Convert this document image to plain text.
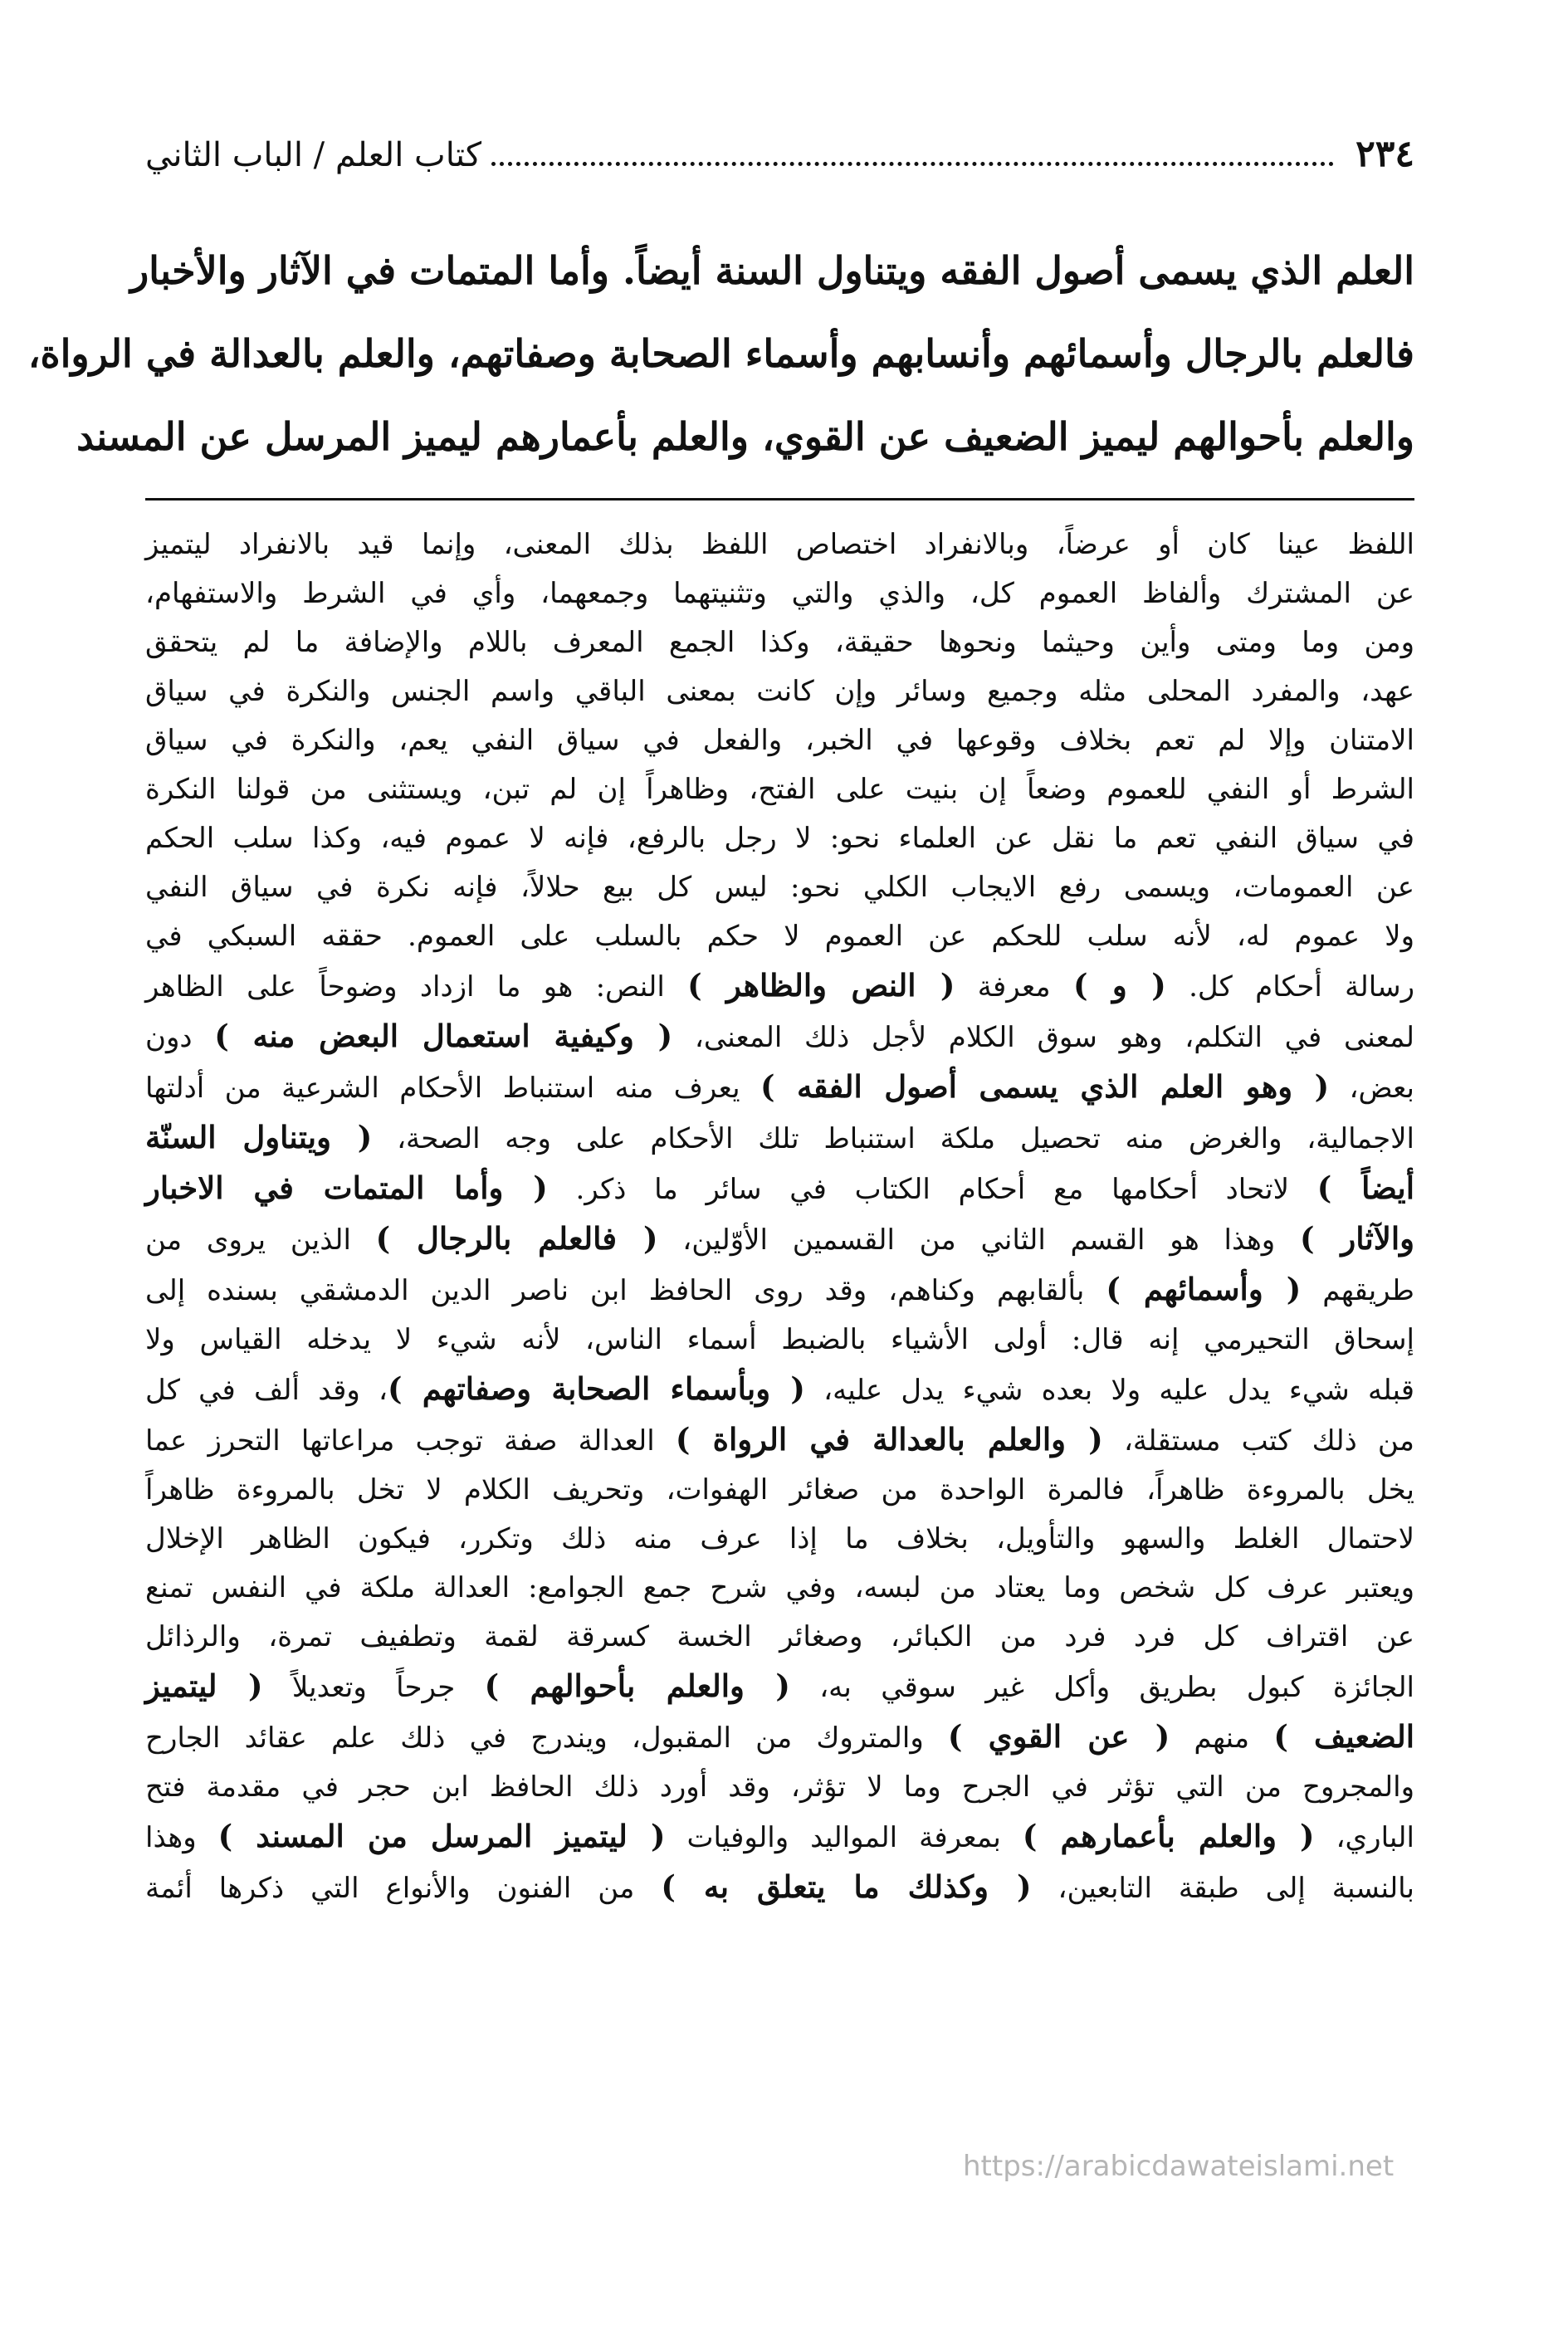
٢٣٤
كتاب العلم / الباب الثاني

العلم الذي يسمى أصول الفقه ويتناول السنة أيضاً. وأما المتمات في الآثار والأخبار

فالعلم بالرجال وأسمائهم وأنسابهم وأسماء الصحابة وصفاتهم، والعلم بالعدالة في الرواة،

والعلم بأحوالهم ليميز الضعيف عن القوي، والعلم بأعمارهم ليميز المرسل عن المسند

اللفظ عينا كان أو عرضاً، وبالانفراد اختصاص اللفظ بذلك المعنى، وإنما قيد بالانفراد ليتميز

عن المشترك وألفاظ العموم كل، والذي والتي وتثنيتهما وجمعهما، وأي في الشرط والاستفهام،

ومن وما ومتى وأين وحيثما ونحوها حقيقة، وكذا الجمع المعرف باللام والإضافة ما لم يتحقق

عهد، والمفرد المحلى مثله وجميع وسائر وإن كانت بمعنى الباقي واسم الجنس والنكرة في سياق

الامتنان وإلا لم تعم بخلاف وقوعها في الخبر، والفعل في سياق النفي يعم، والنكرة في سياق

الشرط أو النفي للعموم وضعاً إن بنيت على الفتح، وظاهراً إن لم تبن، ويستثنى من قولنا النكرة

في سياق النفي تعم ما نقل عن العلماء نحو: لا رجل بالرفع، فإنه لا عموم فيه، وكذا سلب الحكم

عن العمومات، ويسمى رفع الايجاب الكلي نحو: ليس كل بيع حلالاً، فإنه نكرة في سياق النفي

ولا عموم له، لأنه سلب للحكم عن العموم لا حكم بالسلب على العموم. حققه السبكي في

رسالة أحكام كل. ( و ) معرفة ( النص والظاهر ) النص: هو ما ازداد وضوحاً على الظاهر

لمعنى في التكلم، وهو سوق الكلام لأجل ذلك المعنى، ( وكيفية استعمال البعض منه ) دون

بعض، ( وهو العلم الذي يسمى أصول الفقه ) يعرف منه استنباط الأحكام الشرعية من أدلتها

الاجمالية، والغرض منه تحصيل ملكة استنباط تلك الأحكام على وجه الصحة، ( ويتناول السنّة

أيضاً ) لاتحاد أحكامها مع أحكام الكتاب في سائر ما ذكر. ( وأما المتمات في الاخبار

والآثار ) وهذا هو القسم الثاني من القسمين الأوّلين، ( فالعلم بالرجال ) الذين يروى من

طريقهم ( وأسمائهم ) بألقابهم وكناهم، وقد روى الحافظ ابن ناصر الدين الدمشقي بسنده إلى

إسحاق التحيرمي إنه قال: أولى الأشياء بالضبط أسماء الناس، لأنه شيء لا يدخله القياس ولا

قبله شيء يدل عليه ولا بعده شيء يدل عليه، ( وبأسماء الصحابة وصفاتهم )، وقد ألف في كل

من ذلك كتب مستقلة، ( والعلم بالعدالة في الرواة ) العدالة صفة توجب مراعاتها التحرز عما

يخل بالمروءة ظاهراً، فالمرة الواحدة من صغائر الهفوات، وتحريف الكلام لا تخل بالمروءة ظاهراً

لاحتمال الغلط والسهو والتأويل، بخلاف ما إذا عرف منه ذلك وتكرر، فيكون الظاهر الإخلال

ويعتبر عرف كل شخص وما يعتاد من لبسه، وفي شرح جمع الجوامع: العدالة ملكة في النفس تمنع

عن اقتراف كل فرد فرد من الكبائر، وصغائر الخسة كسرقة لقمة وتطفيف تمرة، والرذائل

الجائزة كبول بطريق وأكل غير سوقي به، ( والعلم بأحوالهم ) جرحاً وتعديلاً ( ليتميز

الضعيف ) منهم ( عن القوي ) والمتروك من المقبول، ويندرج في ذلك علم عقائد الجارح

والمجروح من التي تؤثر في الجرح وما لا تؤثر، وقد أورد ذلك الحافظ ابن حجر في مقدمة فتح

الباري، ( والعلم بأعمارهم ) بمعرفة المواليد والوفيات ( ليتميز المرسل من المسند ) وهذا

بالنسبة إلى طبقة التابعين، ( وكذلك ما يتعلق به ) من الفنون والأنواع التي ذكرها أئمة

https://arabicdawateislami.net
